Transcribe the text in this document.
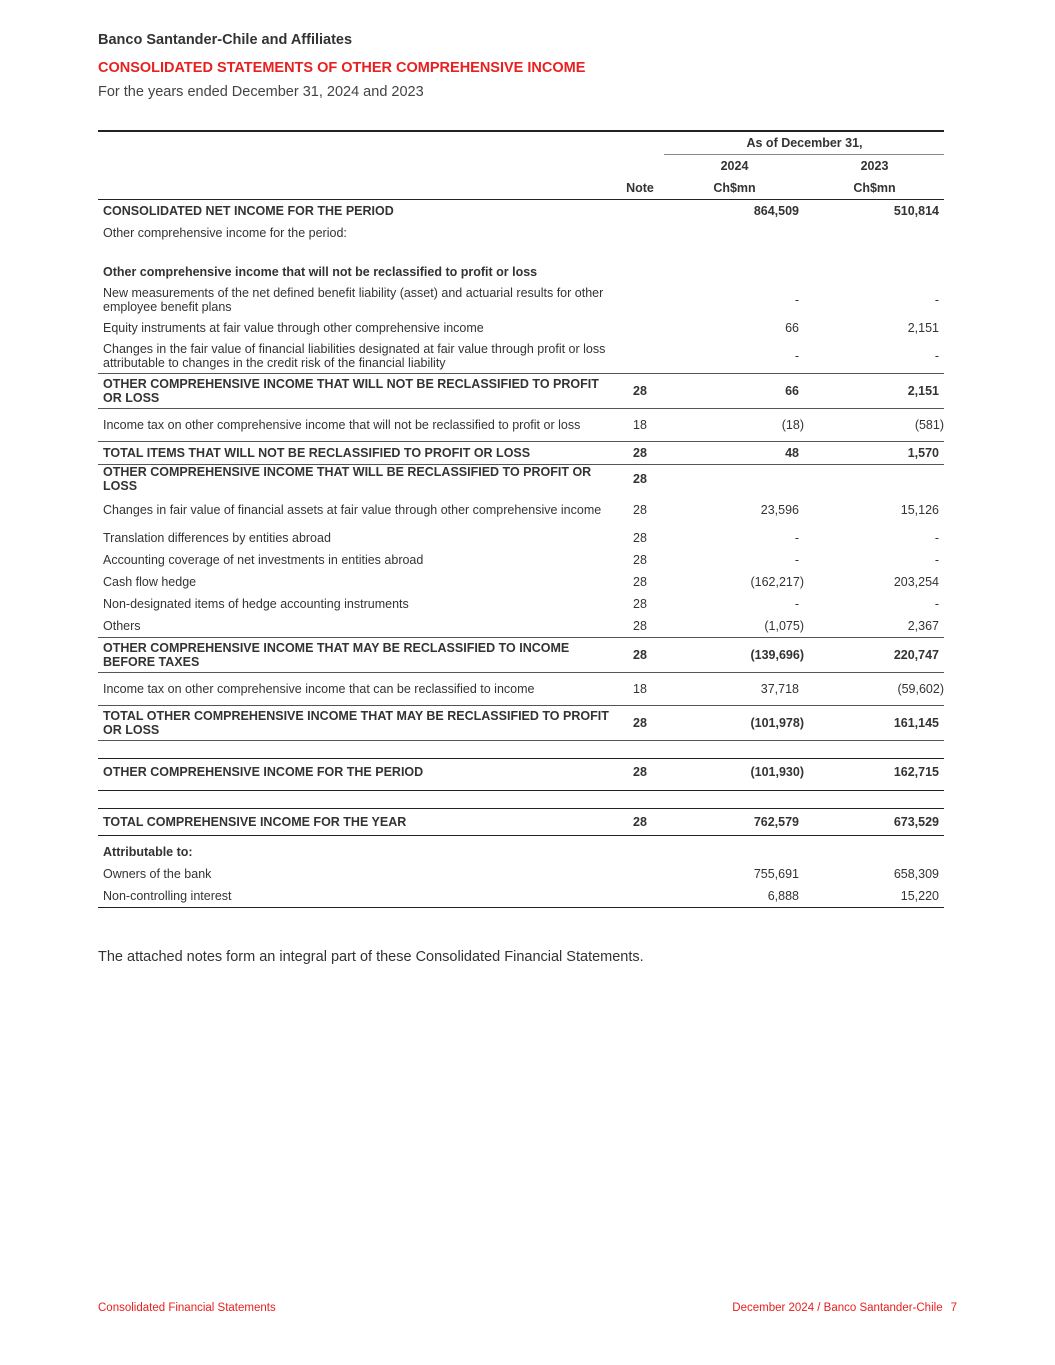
Banco Santander-Chile and Affiliates
CONSOLIDATED STATEMENTS OF OTHER COMPREHENSIVE INCOME
For the years ended December 31, 2024 and 2023

		As of December 31,	
		2024	2023
	Note	Ch$mn	Ch$mn
CONSOLIDATED NET INCOME FOR THE PERIOD		864,509	510,814
Other comprehensive income for the period:			

Other comprehensive income that will not be reclassified to profit or loss			
New measurements of the net defined benefit liability (asset) and actuarial results for other employee benefit plans		-	-
Equity instruments at fair value through other comprehensive income		66	2,151
Changes in the fair value of financial liabilities designated at fair value through profit or loss attributable to changes in the credit risk of the financial liability		-	-
OTHER COMPREHENSIVE INCOME THAT WILL NOT BE RECLASSIFIED TO PROFIT OR LOSS	28	66	2,151

Income tax on other comprehensive income that will not be reclassified to profit or loss	18	(18)	(581)

TOTAL ITEMS THAT WILL NOT BE RECLASSIFIED TO PROFIT OR LOSS	28	48	1,570
OTHER COMPREHENSIVE INCOME THAT WILL BE RECLASSIFIED TO PROFIT OR LOSS	28		
Changes in fair value of financial assets at fair value through other comprehensive income	28	23,596	15,126
Translation differences by entities abroad	28	-	-
Accounting coverage of net investments in entities abroad	28	-	-
Cash flow hedge	28	(162,217)	203,254
Non-designated items of hedge accounting instruments	28	-	-
Others	28	(1,075)	2,367
OTHER COMPREHENSIVE INCOME THAT MAY BE RECLASSIFIED TO INCOME BEFORE TAXES	28	(139,696)	220,747

Income tax on other comprehensive income that can be reclassified to income	18	37,718	(59,602)

TOTAL OTHER COMPREHENSIVE INCOME THAT MAY BE RECLASSIFIED TO PROFIT OR LOSS	28	(101,978)	161,145

OTHER COMPREHENSIVE INCOME FOR THE PERIOD	28	(101,930)	162,715

TOTAL COMPREHENSIVE INCOME FOR THE YEAR	28	762,579	673,529

Attributable to:			
Owners of the bank		755,691	658,309
Non-controlling interest		6,888	15,220
The attached notes form an integral part of these Consolidated Financial Statements.
Consolidated Financial Statements	December 2024 / Banco Santander-Chile 7
